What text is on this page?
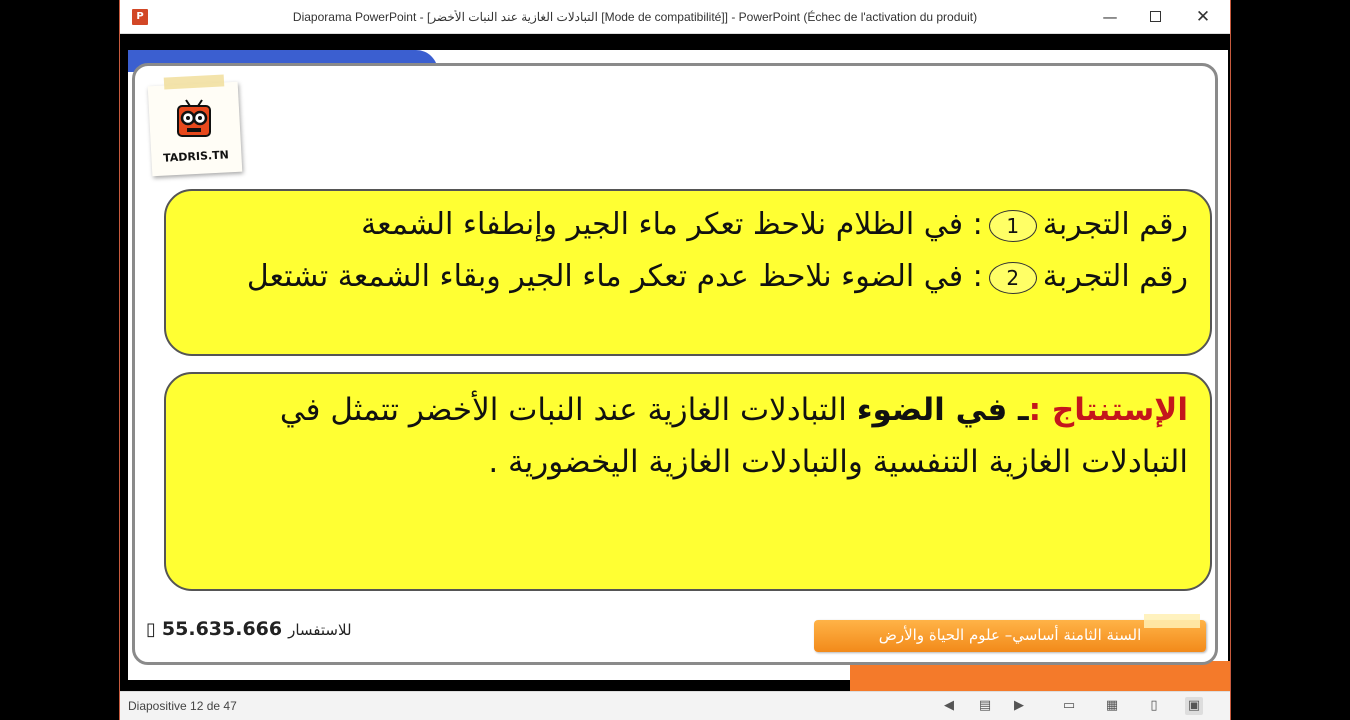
P	Diaporama PowerPoint - [التبادلات الغازية عند النبات الأخضر [Mode de compatibilité]] - PowerPoint (Échec de l'activation du produit)	—	✕
TADRIS.TN
رقم التجربة1: في الظلام نلاحظ تعكر ماء الجير وإنطفاء الشمعة
رقم التجربة2: في الضوء نلاحظ عدم تعكر ماء الجير وبقاء الشمعة تشتعل
الإستنتاج :ـ في الضوء التبادلات الغازية عند النبات الأخضر تتمثل في التبادلات الغازية التنفسية والتبادلات الغازية اليخضورية .
▯ 55.635.666 للاستفسار	السنة الثامنة أساسي– علوم الحياة والأرض
Diapositive 12 de 47	◀	▤	▶	▭ ▦	▯	▣
